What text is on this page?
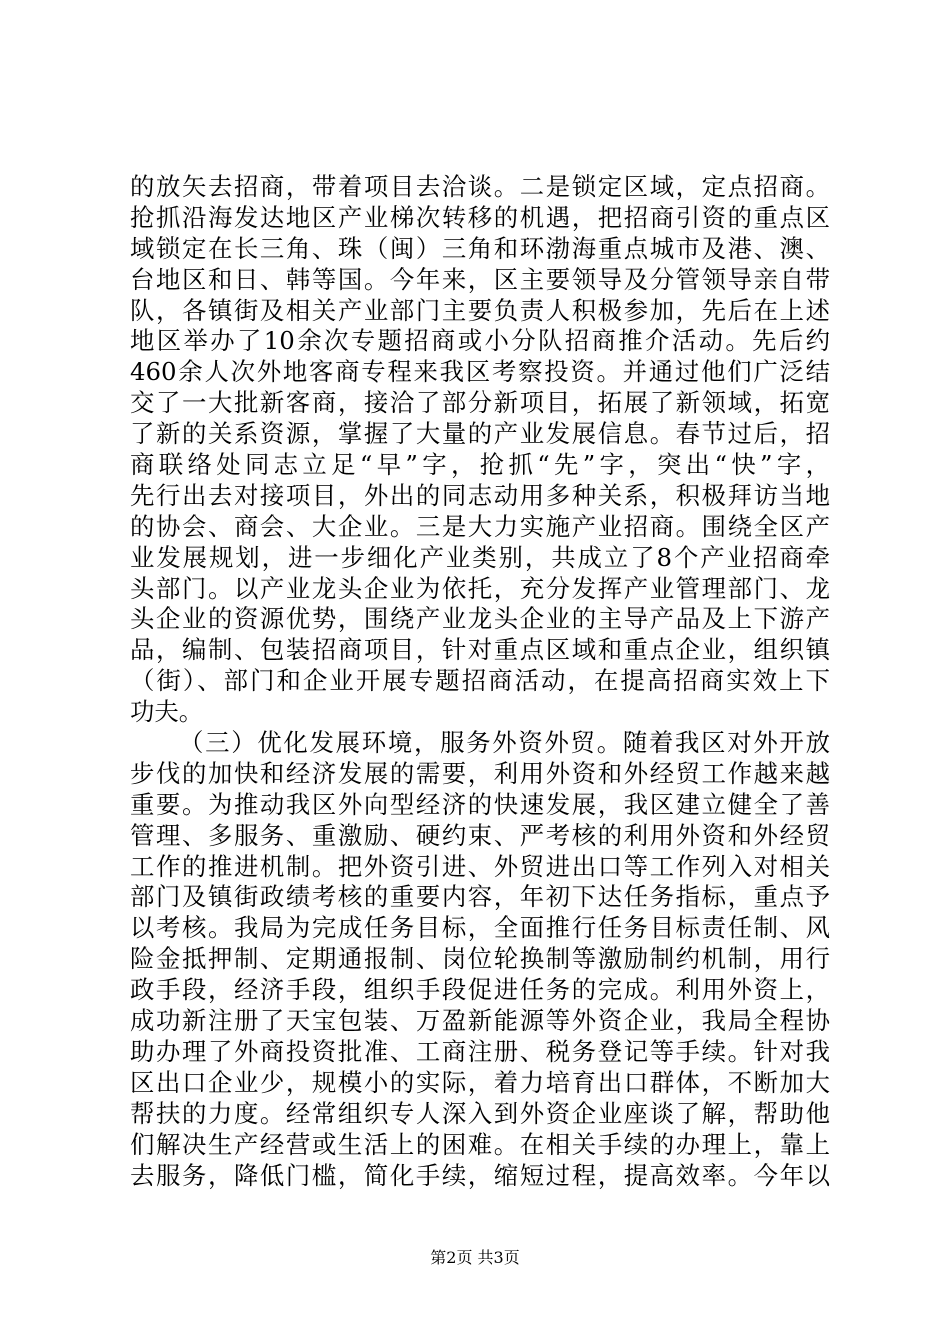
的放矢去招商，带着项目去洽谈。二是锁定区域，定点招商。
抢抓沿海发达地区产业梯次转移的机遇，把招商引资的重点区
域锁定在长三角、珠（闽）三角和环渤海重点城市及港、澳、
台地区和日、韩等国。今年来，区主要领导及分管领导亲自带
队，各镇街及相关产业部门主要负责人积极参加，先后在上述
地区举办了10余次专题招商或小分队招商推介活动。先后约
460余人次外地客商专程来我区考察投资。并通过他们广泛结
交了一大批新客商，接洽了部分新项目，拓展了新领域，拓宽
了新的关系资源，掌握了大量的产业发展信息。春节过后，招
商联络处同志立足“早”字，抢抓“先”字，突出“快”字，
先行出去对接项目，外出的同志动用多种关系，积极拜访当地
的协会、商会、大企业。三是大力实施产业招商。围绕全区产
业发展规划，进一步细化产业类别，共成立了8个产业招商牵
头部门。以产业龙头企业为依托，充分发挥产业管理部门、龙
头企业的资源优势，围绕产业龙头企业的主导产品及上下游产
品，编制、包装招商项目，针对重点区域和重点企业，组织镇
（街）、部门和企业开展专题招商活动，在提高招商实效上下
功夫。
（三）优化发展环境，服务外资外贸。随着我区对外开放
步伐的加快和经济发展的需要，利用外资和外经贸工作越来越
重要。为推动我区外向型经济的快速发展，我区建立健全了善
管理、多服务、重激励、硬约束、严考核的利用外资和外经贸
工作的推进机制。把外资引进、外贸进出口等工作列入对相关
部门及镇街政绩考核的重要内容，年初下达任务指标，重点予
以考核。我局为完成任务目标，全面推行任务目标责任制、风
险金抵押制、定期通报制、岗位轮换制等激励制约机制，用行
政手段，经济手段，组织手段促进任务的完成。利用外资上，
成功新注册了天宝包装、万盈新能源等外资企业，我局全程协
助办理了外商投资批准、工商注册、税务登记等手续。针对我
区出口企业少，规模小的实际，着力培育出口群体，不断加大
帮扶的力度。经常组织专人深入到外资企业座谈了解，帮助他
们解决生产经营或生活上的困难。在相关手续的办理上，靠上
去服务，降低门槛，简化手续，缩短过程，提高效率。今年以
第2页 共3页
